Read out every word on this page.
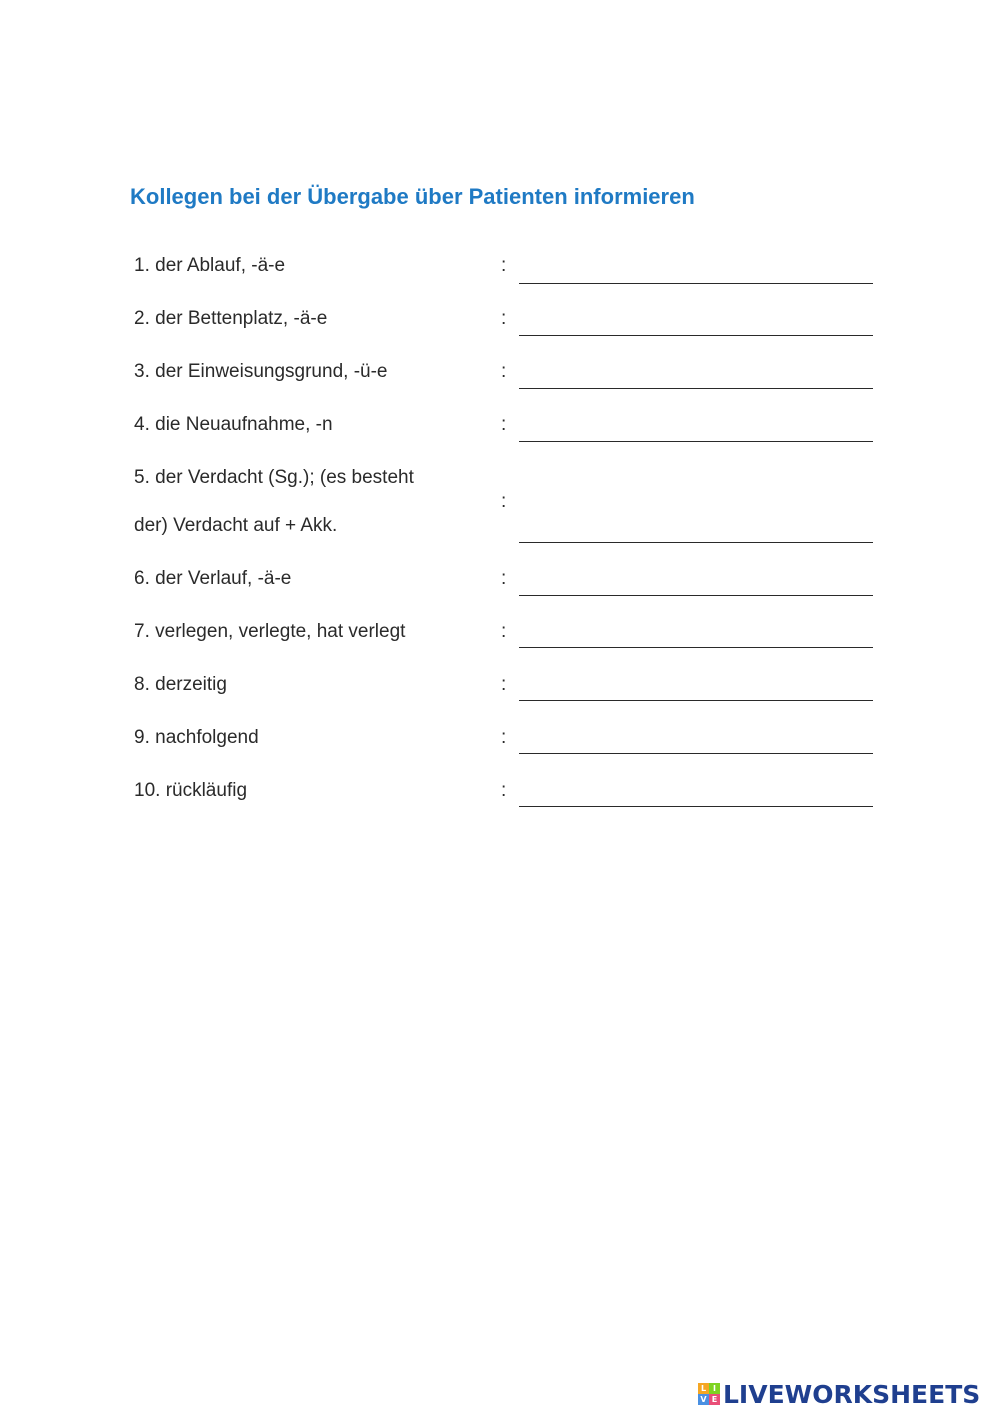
Kollegen bei der Übergabe über Patienten informieren
1. der Ablauf, -ä-e	:
2. der Bettenplatz, -ä-e	:
3. der Einweisungsgrund, -ü-e	:
4. die Neuaufnahme, -n	:
5. der Verdacht (Sg.); (es besteht
der) Verdacht auf + Akk.
:
6. der Verlauf, -ä-e	:
7. verlegen, verlegte, hat verlegt	:
8. derzeitig	:
9. nachfolgend	:
10. rückläufig	:
L I
V E LIVEWORKSHEETS
